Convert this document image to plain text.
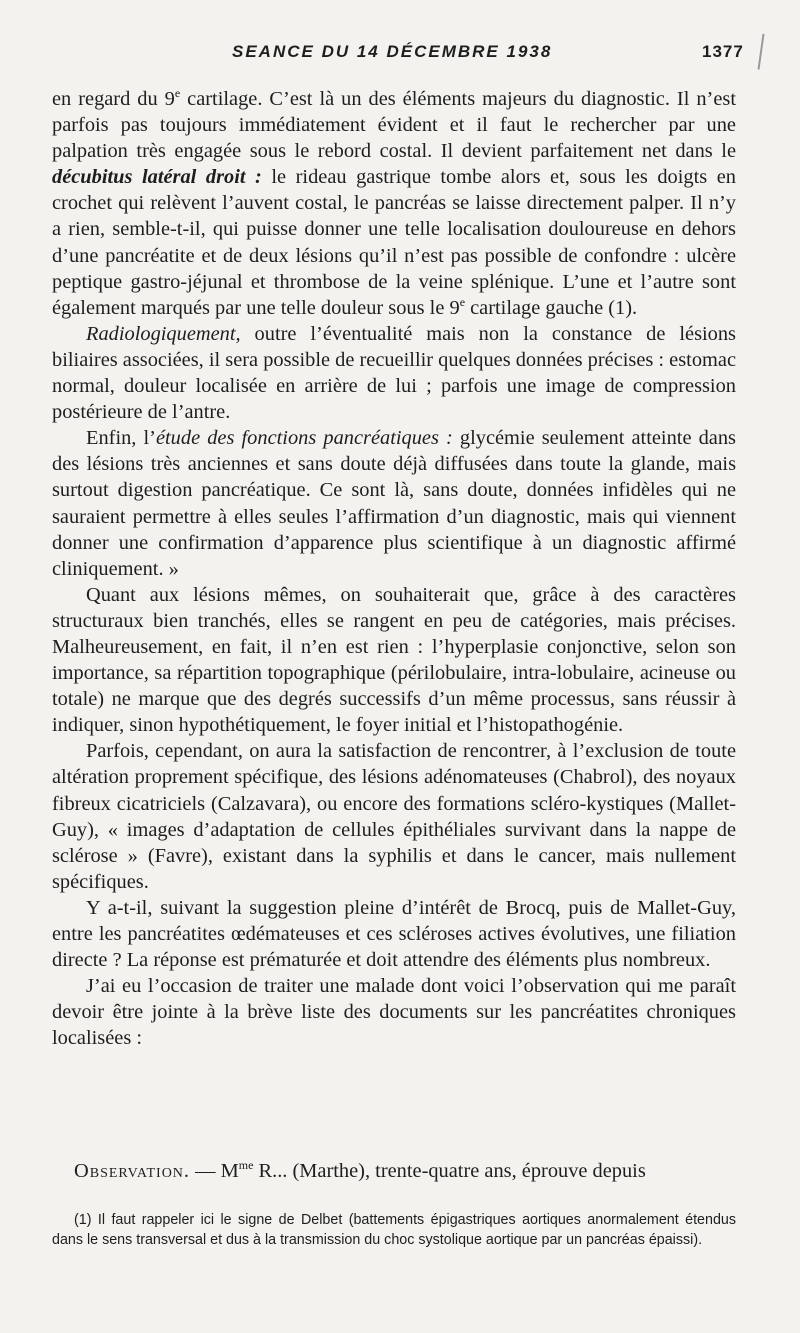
SEANCE DU 14 DÉCEMBRE 1938	1377

en regard du 9e cartilage. C’est là un des éléments majeurs du diagnostic. Il n’est parfois pas toujours immédiatement évident et il faut le rechercher par une palpation très engagée sous le rebord costal. Il devient parfaitement net dans le décubitus latéral droit : le rideau gastrique tombe alors et, sous les doigts en crochet qui relèvent l’auvent costal, le pancréas se laisse directement palper. Il n’y a rien, semble-t-il, qui puisse donner une telle localisation douloureuse en dehors d’une pancréatite et de deux lésions qu’il n’est pas possible de confondre : ulcère peptique gastro-jéjunal et thrombose de la veine splénique. L’une et l’autre sont également marqués par une telle douleur sous le 9e cartilage gauche (1).

Radiologiquement, outre l’éventualité mais non la constance de lésions biliaires associées, il sera possible de recueillir quelques données précises : estomac normal, douleur localisée en arrière de lui ; parfois une image de compression postérieure de l’antre.

Enfin, l’étude des fonctions pancréatiques : glycémie seulement atteinte dans des lésions très anciennes et sans doute déjà diffusées dans toute la glande, mais surtout digestion pancréatique. Ce sont là, sans doute, données infidèles qui ne sauraient permettre à elles seules l’affirmation d’un diagnostic, mais qui viennent donner une confirmation d’apparence plus scientifique à un diagnostic affirmé cliniquement. »

Quant aux lésions mêmes, on souhaiterait que, grâce à des caractères structuraux bien tranchés, elles se rangent en peu de catégories, mais précises. Malheureusement, en fait, il n’en est rien : l’hyperplasie conjonctive, selon son importance, sa répartition topographique (périlobulaire, intra-lobulaire, acineuse ou totale) ne marque que des degrés successifs d’un même processus, sans réussir à indiquer, sinon hypothétiquement, le foyer initial et l’histopathogénie.

Parfois, cependant, on aura la satisfaction de rencontrer, à l’exclusion de toute altération proprement spécifique, des lésions adénomateuses (Chabrol), des noyaux fibreux cicatriciels (Calzavara), ou encore des formations scléro-kystiques (Mallet-Guy), « images d’adaptation de cellules épithéliales survivant dans la nappe de sclérose » (Favre), existant dans la syphilis et dans le cancer, mais nullement spécifiques.

Y a-t-il, suivant la suggestion pleine d’intérêt de Brocq, puis de Mallet-Guy, entre les pancréatites œdémateuses et ces scléroses actives évolutives, une filiation directe ? La réponse est prématurée et doit attendre des éléments plus nombreux.

J’ai eu l’occasion de traiter une malade dont voici l’observation qui me paraît devoir être jointe à la brève liste des documents sur les pancréatites chroniques localisées :

Observation. — $M^{me}$ R... (Marthe), trente-quatre ans, éprouve depuis
(1) Il faut rappeler ici le signe de Delbet (battements épigastriques aortiques anormalement étendus dans le sens transversal et dus à la transmission du choc systolique aortique par un pancréas épaissi).
